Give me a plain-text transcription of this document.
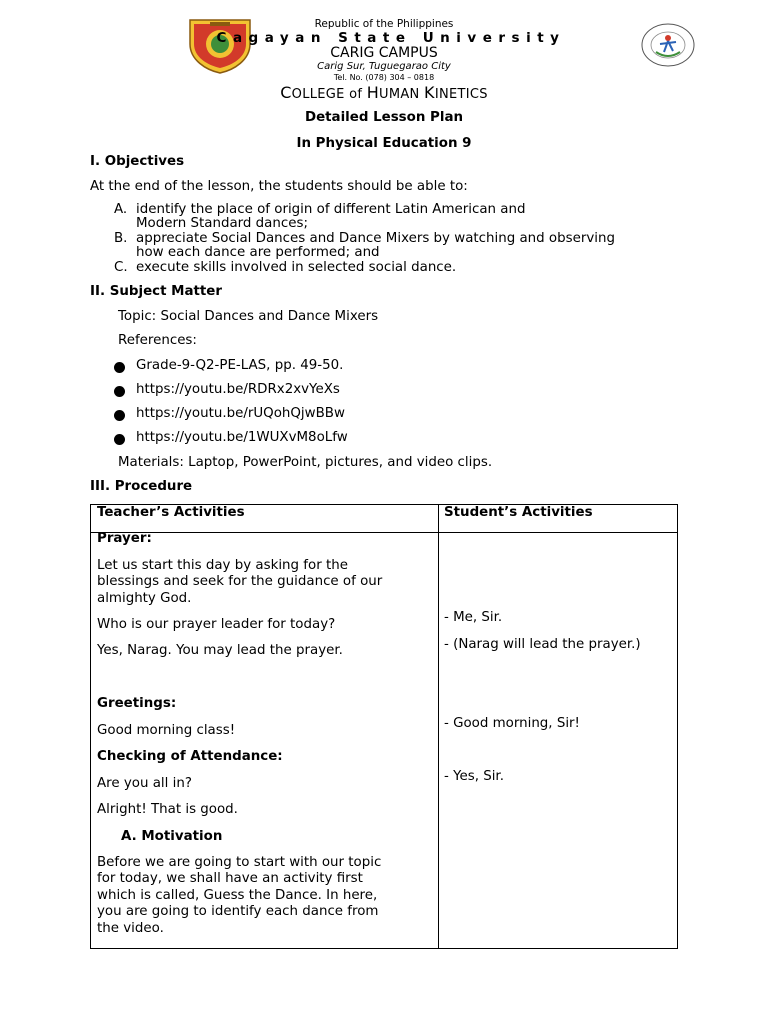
Republic of the Philippines
Cagayan State University
CARIG CAMPUS
Carig Sur, Tuguegarao City
Tel. No. (078) 304 – 0818
COLLEGE of HUMAN KINETICS
Detailed Lesson Plan
In Physical Education 9
I. Objectives
At the end of the lesson, the students should be able to:
A. identify the place of origin of different Latin American and
Modern Standard dances;
B. appreciate Social Dances and Dance Mixers by watching and observing
how each dance are performed; and
C. execute skills involved in selected social dance.
II. Subject Matter
Topic: Social Dances and Dance Mixers
References:
Grade-9-Q2-PE-LAS, pp. 49-50.
https://youtu.be/RDRx2xvYeXs
https://youtu.be/rUQohQjwBBw
https://youtu.be/1WUXvM8oLfw
Materials: Laptop, PowerPoint, pictures, and video clips.
III. Procedure
Teacher’s Activities	Student’s Activities
Prayer:
Let us start this day by asking for the
blessings and seek for the guidance of our
almighty God.
Who is our prayer leader for today?
Yes, Narag. You may lead the prayer.
Greetings:
Good morning class!
Checking of Attendance:
Are you all in?
Alright! That is good.
A. Motivation
Before we are going to start with our topic
for today, we shall have an activity first
which is called, Guess the Dance. In here,
you are going to identify each dance from
the video.
- Me, Sir.
- (Narag will lead the prayer.)
- Good morning, Sir!
- Yes, Sir.
